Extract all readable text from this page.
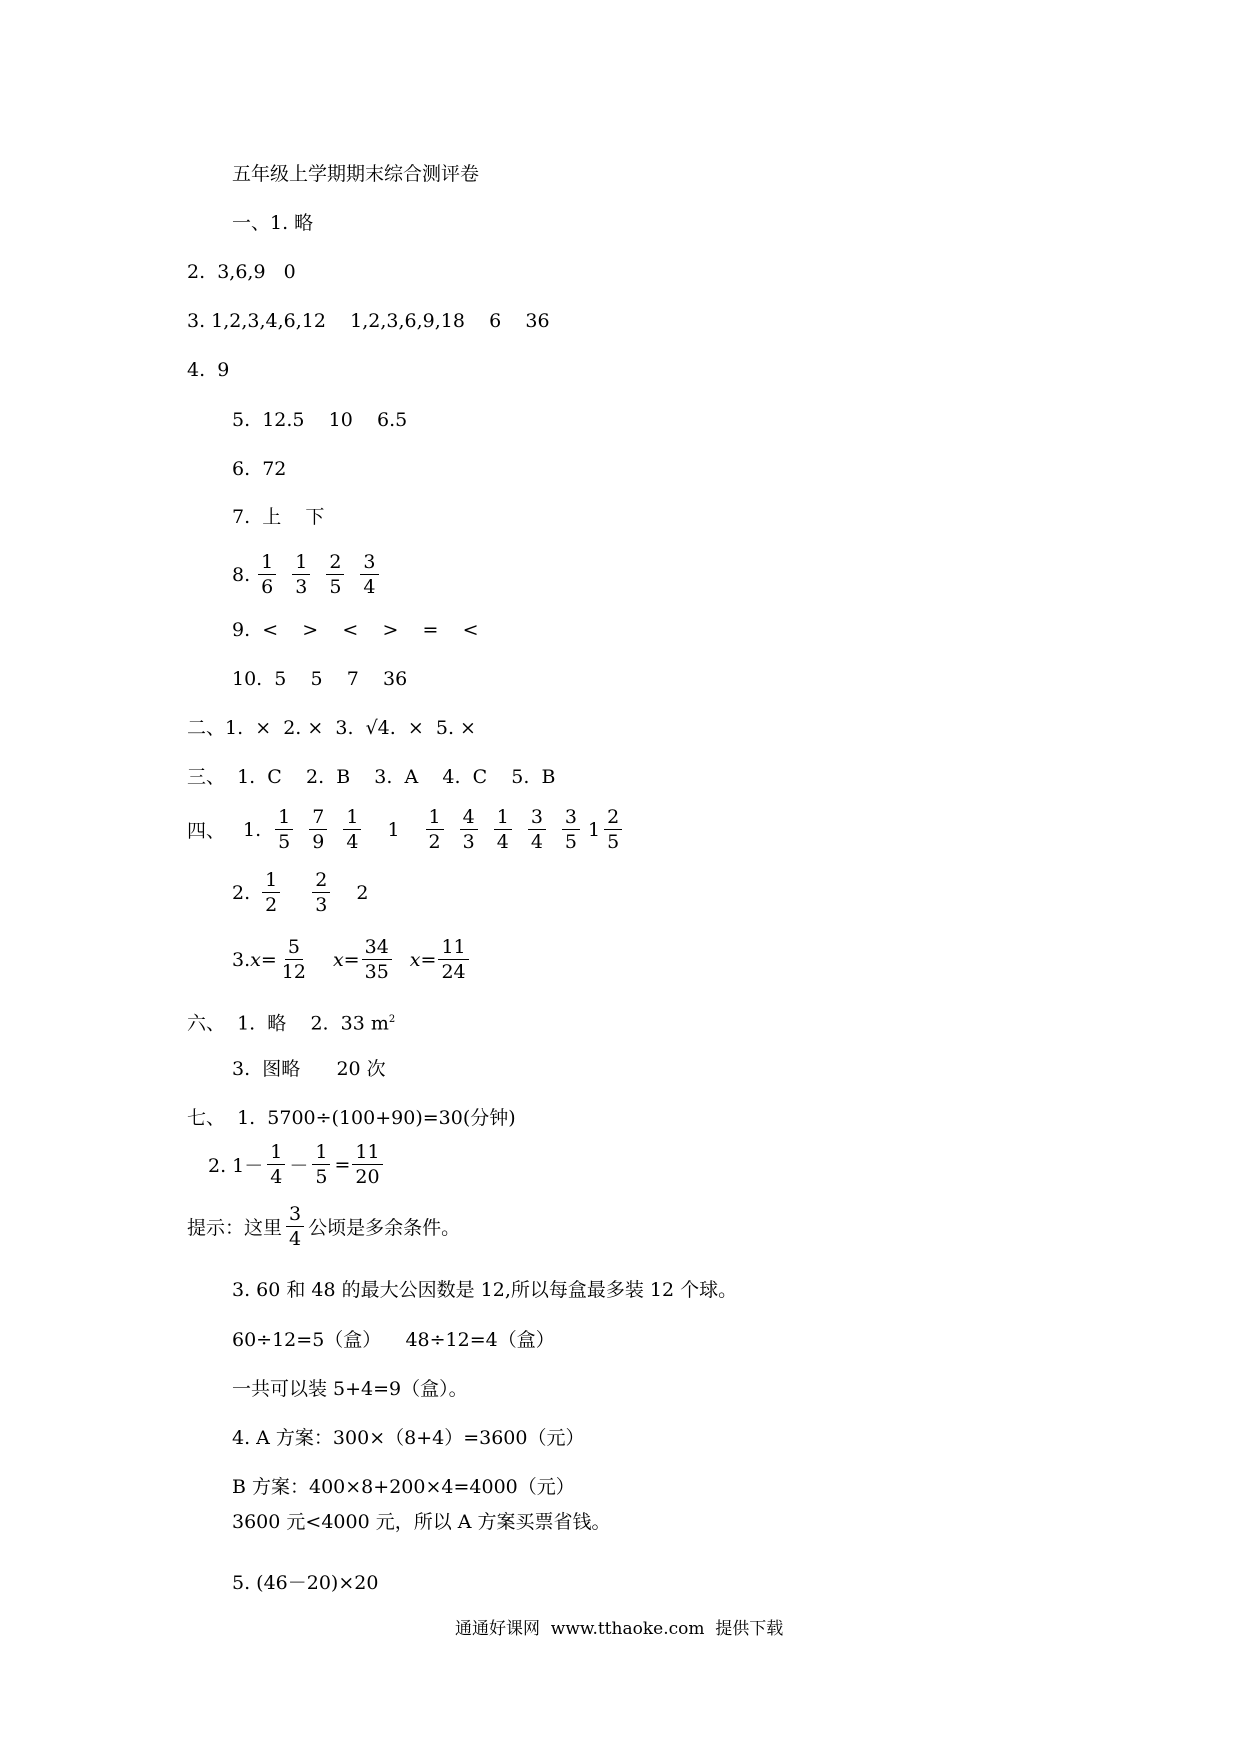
五年级上学期期末综合测评卷
一、1. 略
2.  3,6,9   0
3. 1,2,3,4,6,12    1,2,3,6,9,18    6    36
4.  9
5.  12.5    10    6.5
6.  72
7.  上    下
8. $\frac{1}{6} \frac{1}{3} \frac{2}{5} \frac{3}{4}$
9.  <    >    <    >    =    <
10.  5    5    7    36
二、1.  ×  2. ×  3.  √4.  ×  5. ×
三、  1.  C    2.  B    3.  A    4.  C    5.  B
四、 1. $\frac{1}{5} \frac{7}{9} \frac{1}{4} 1 \frac{1}{2} \frac{4}{3} \frac{1}{4} \frac{3}{4} \frac{3}{5} 1 \frac{2}{5}$
2. $\frac{1}{2} \frac{2}{3} 2$
3. $x= \frac{5}{12} x= \frac{34}{35} x= \frac{11}{24}$
六、  1.  略    2.  33 $m^2$
3.  图略      20 次
七、  1.  5700÷(100+90)=30(分钟)
2. $1- \frac{1}{4} - \frac{1}{5} = \frac{11}{20}$
提示：这里 $\frac{3}{4}$ 公顷是多余条件。
3. 60 和 48 的最大公因数是 12,所以每盒最多装 12 个球。
60÷12=5（盒）    48÷12=4（盒）
一共可以装 5+4=9（盒）。
4. A 方案：300×（8+4）=3600（元）
B 方案：400×8+200×4=4000（元）
3600 元<4000 元，所以 A 方案买票省钱。
5. (46－20)×20
通通好课网  www.tthaoke.com  提供下载
